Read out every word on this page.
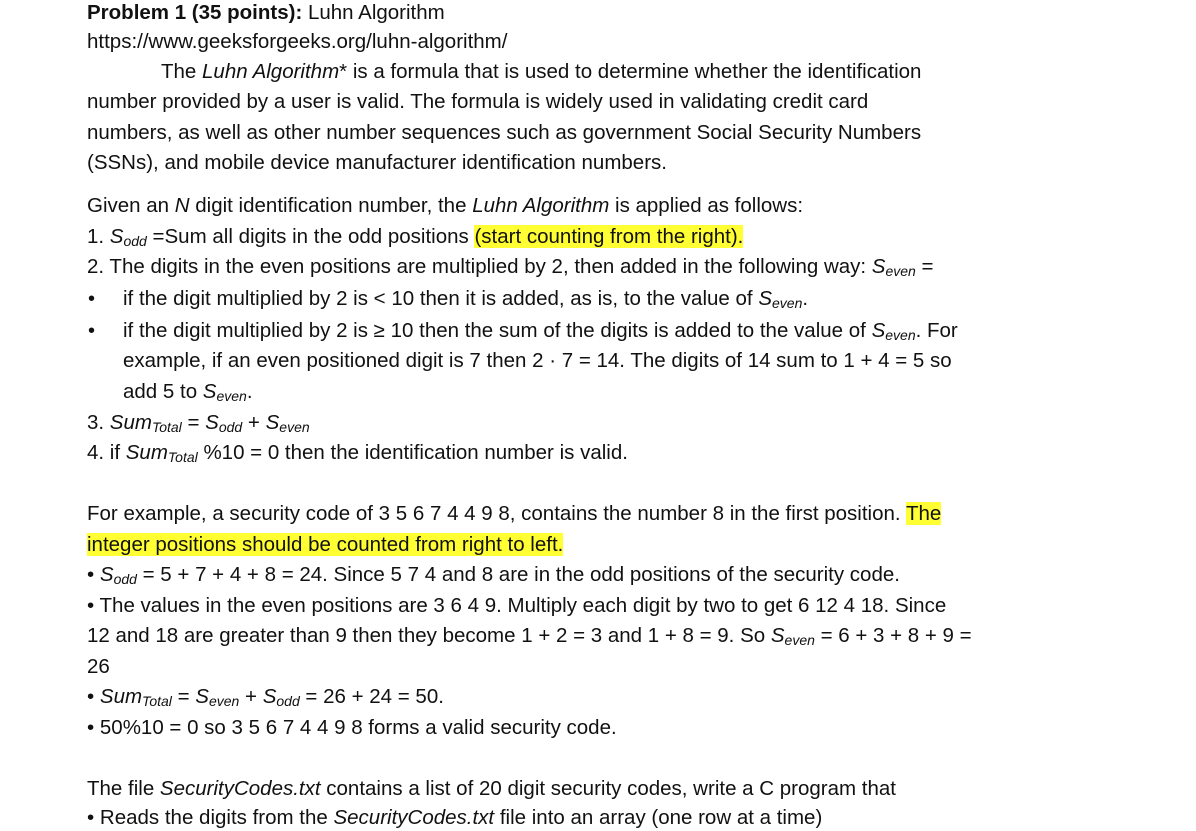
Problem 1 (35 points): Luhn Algorithm
https://www.geeksforgeeks.org/luhn-algorithm/
The Luhn Algorithm* is a formula that is used to determine whether the identification
number provided by a user is valid. The formula is widely used in validating credit card
numbers, as well as other number sequences such as government Social Security Numbers
(SSNs), and mobile device manufacturer identification numbers.
Given an N digit identification number, the Luhn Algorithm is applied as follows:
1. $S_{odd} =Sum$ all digits in the odd positions (start counting from the right).
2. The digits in the even positions are multiplied by 2, then added in the following way: $S_{even}$ =
• if the digit multiplied by 2 is < 10 then it is added, as is, to the value of $S_{even}$.
• if the digit multiplied by 2 is ≥ 10 then the sum of the digits is added to the value of $S_{even}$. For
example, if an even positioned digit is 7 then 2 · 7 = 14. The digits of 14 sum to 1 + 4 = 5 so
add 5 to $S_{even}$.
3. $Sum_{Total} = S_{odd} + S_{even}$
4. if Sum$_{Total}$ %10 = 0 then the identification number is valid.
For example, a security code of 3 5 6 7 4 4 9 8, contains the number 8 in the first position. The
integer positions should be counted from right to left.
• $S_{odd} = 5 + 7 + 4 + 8 = 24$. Since 5 7 4 and 8 are in the odd positions of the security code.
• The values in the even positions are 3 6 4 9. Multiply each digit by two to get 6 12 4 18. Since
12 and 18 are greater than 9 then they become 1 + 2 = 3 and 1 + 8 = 9. So $S_{even} = 6 + 3 + 8 + 9$ =
26
• $Sum_{Total} = S_{even} + S_{odd} = 26 + 24 = 50$.
• 50%10 = 0 so 3 5 6 7 4 4 9 8 forms a valid security code.
The file SecurityCodes.txt contains a list of 20 digit security codes, write a C program that
• Reads the digits from the SecurityCodes.txt file into an array (one row at a time)
